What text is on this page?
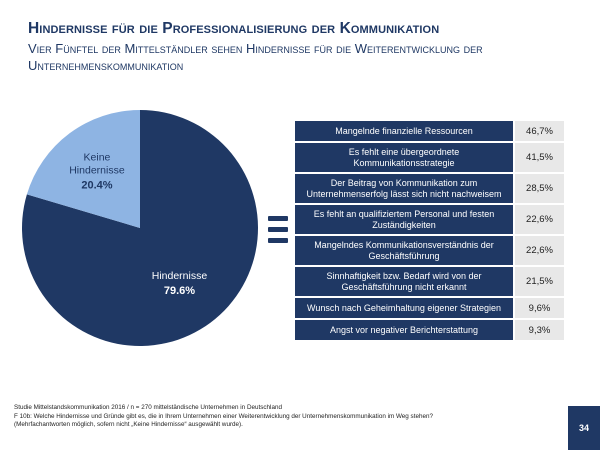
Hindernisse für die Professionalisierung der Kommunikation
Vier Fünftel der Mittelständler sehen Hindernisse für die Weiterentwicklung der Unternehmenskommunikation
Hindernisse
79.6%
Keine
Hindernisse
20.4%
Mangelnde finanzielle Ressourcen	46,7%
Es fehlt eine übergeordnete Kommunikationsstrategie	41,5%
Der Beitrag von Kommunikation zum Unternehmenserfolg lässt sich nicht nachweisem	28,5%
Es fehlt an qualifiziertem Personal und festen Zuständigkeiten	22,6%
Mangelndes Kommunikationsverständnis der Geschäftsführung	22,6%
Sinnhaftigkeit bzw. Bedarf wird von der Geschäftsführung nicht erkannt	21,5%
Wunsch nach Geheimhaltung eigener Strategien	9,6%
Angst vor negativer Berichterstattung	9,3%
Studie Mittelstandskommunikation 2016 / n = 270 mittelständische Unternehmen in Deutschland
F 10b: Welche Hindernisse und Gründe gibt es, die in Ihrem Unternehmen einer Weiterentwicklung der Unternehmenskommunikation im Weg stehen?
(Mehrfachantworten möglich, sofern nicht „Keine Hindernisse“ ausgewählt wurde).	34
